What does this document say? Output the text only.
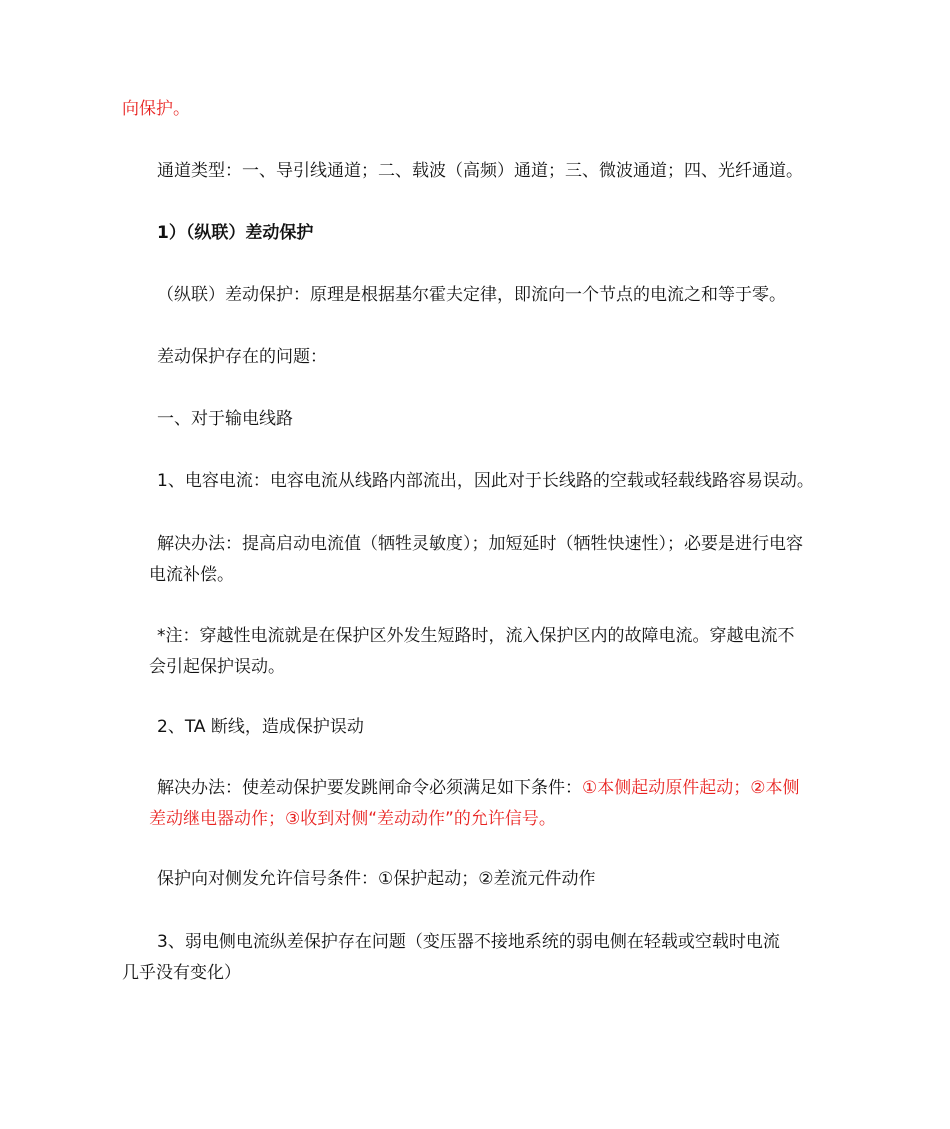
向保护。
通道类型：一、导引线通道；二、载波（高频）通道；三、微波通道；四、光纤通道。
1）（纵联）差动保护
（纵联）差动保护：原理是根据基尔霍夫定律，即流向一个节点的电流之和等于零。
差动保护存在的问题：
一、对于输电线路
1、电容电流：电容电流从线路内部流出，因此对于长线路的空载或轻载线路容易误动。
解决办法：提高启动电流值（牺牲灵敏度）；加短延时（牺牲快速性）；必要是进行电容
电流补偿。
*注：穿越性电流就是在保护区外发生短路时，流入保护区内的故障电流。穿越电流不
会引起保护误动。
2、TA 断线，造成保护误动
解决办法：使差动保护要发跳闸命令必须满足如下条件：①本侧起动原件起动；②本侧
差动继电器动作；③收到对侧“差动动作”的允许信号。
保护向对侧发允许信号条件：①保护起动；②差流元件动作
3、弱电侧电流纵差保护存在问题（变压器不接地系统的弱电侧在轻载或空载时电流
几乎没有变化）
